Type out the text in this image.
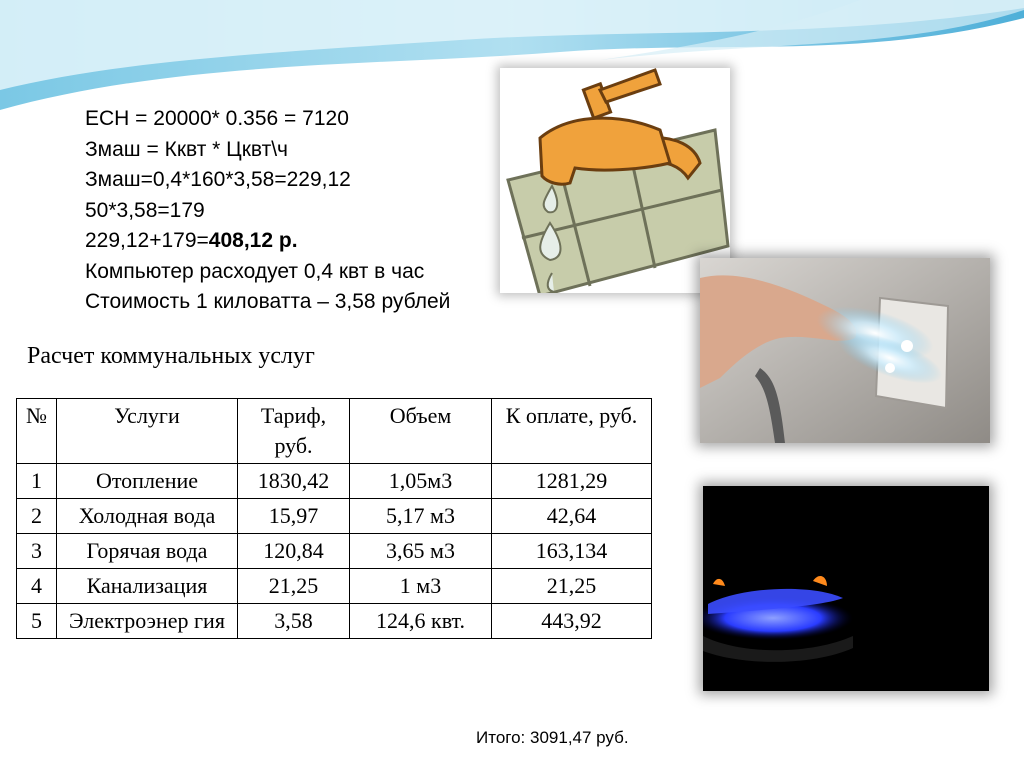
ЕСН = 20000* 0.356 = 7120
Змаш = Кквт * Цквт\ч
Змаш=0,4*160*3,58=229,12
50*3,58=179
229,12+179=408,12 р.
Компьютер расходует 0,4 квт в час
Стоимость 1 киловатта – 3,58 рублей
Расчет коммунальных услуг
№	Услуги	Тариф, руб.	Объем	К оплате, руб.
1	Отопление	1830,42	1,05м3	1281,29
2	Холодная вода	15,97	5,17 м3	42,64
3	Горячая вода	120,84	3,65 м3	163,134
4	Канализация	21,25	1 м3	21,25
5	Электроэнер гия	3,58	124,6 квт.	443,92
Итого: 3091,47 руб.
